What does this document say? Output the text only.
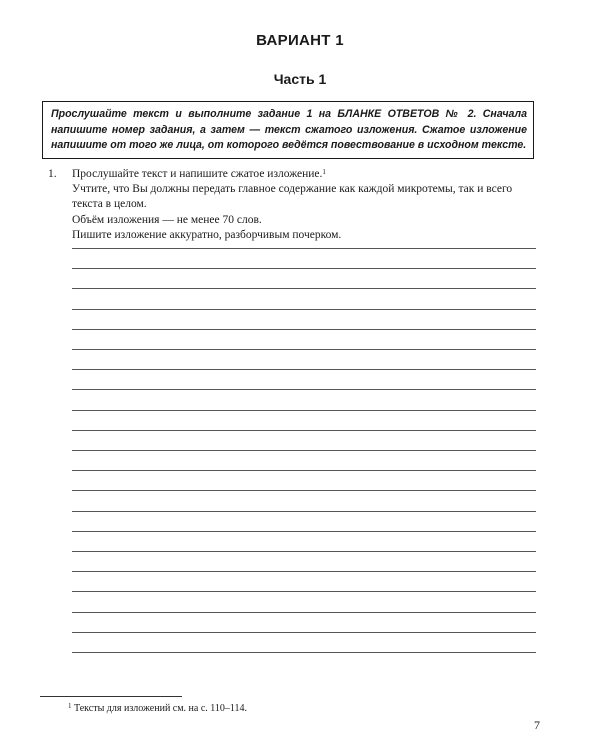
ВАРИАНТ 1
Часть 1
Прослушайте текст и выполните задание 1 на БЛАНКЕ ОТВЕТОВ № 2. Сначала напишите номер задания, а затем — текст сжатого изложения. Сжатое изложение напишите от того же лица, от которого ведётся повествование в исходном тексте.
1. Прослушайте текст и напишите сжатое изложение.$^1$

Учтите, что Вы должны передать главное содержание как каждой микротемы, так и всего текста в целом.

Объём изложения — не менее 70 слов.

Пишите изложение аккуратно, разборчивым почерком.

$^1$ Тексты для изложений см. на с. 110–114.
7
